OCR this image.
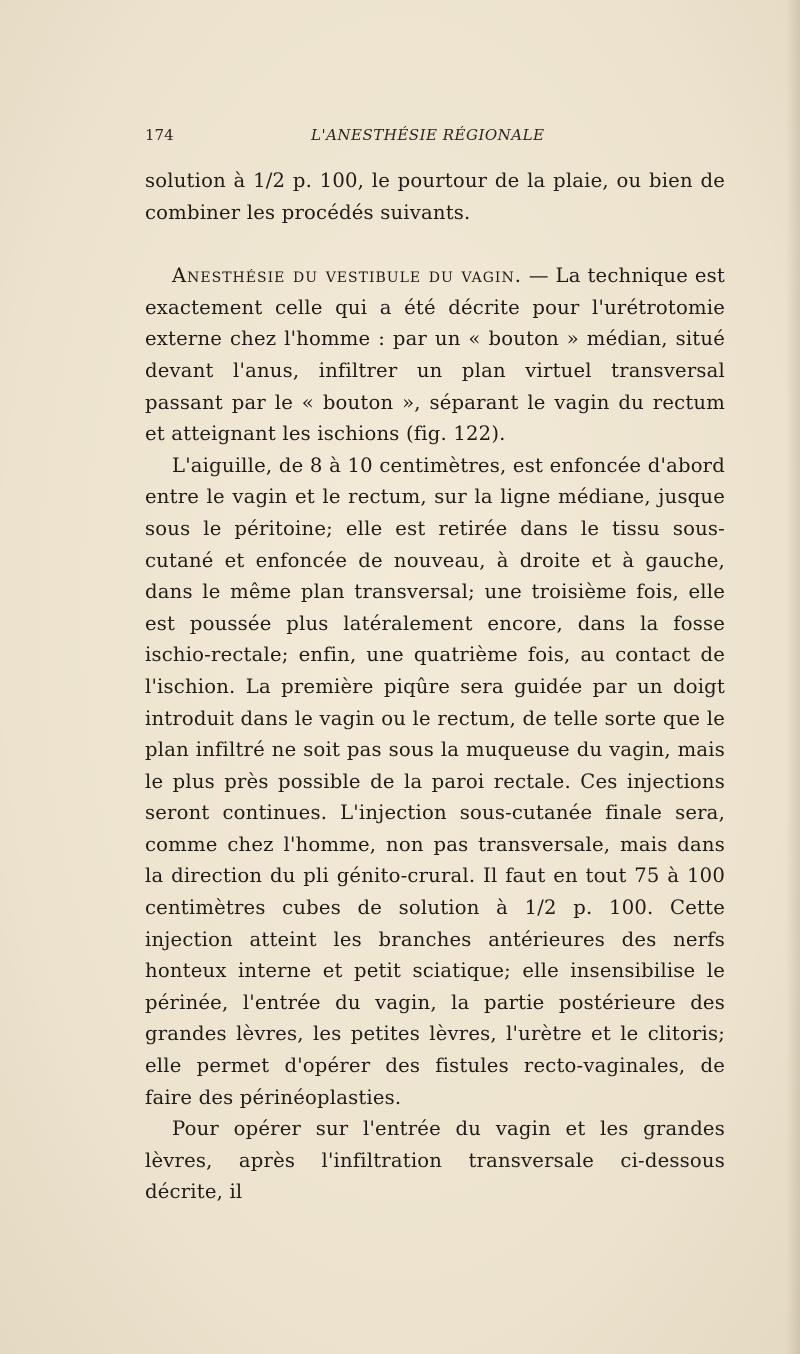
174	L'ANESTHÉSIE RÉGIONALE

solution à 1/2 p. 100, le pourtour de la plaie, ou bien de combiner les procédés suivants.

Anesthésie du vestibule du vagin. — La technique est exactement celle qui a été décrite pour l'urétrotomie externe chez l'homme : par un « bouton » médian, situé devant l'anus, infiltrer un plan virtuel transversal passant par le « bouton », séparant le vagin du rectum et atteignant les ischions (fig. 122).

L'aiguille, de 8 à 10 centimètres, est enfoncée d'abord entre le vagin et le rectum, sur la ligne médiane, jusque sous le péritoine; elle est retirée dans le tissu sous-cutané et enfoncée de nouveau, à droite et à gauche, dans le même plan transversal; une troisième fois, elle est poussée plus latéralement encore, dans la fosse ischio-rectale; enfin, une quatrième fois, au contact de l'ischion. La première piqûre sera guidée par un doigt introduit dans le vagin ou le rectum, de telle sorte que le plan infiltré ne soit pas sous la muqueuse du vagin, mais le plus près possible de la paroi rectale. Ces injections seront continues. L'injection sous-cutanée finale sera, comme chez l'homme, non pas transversale, mais dans la direction du pli génito-crural. Il faut en tout 75 à 100 centimètres cubes de solution à 1/2 p. 100. Cette injection atteint les branches antérieures des nerfs honteux interne et petit sciatique; elle insensibilise le périnée, l'entrée du vagin, la partie postérieure des grandes lèvres, les petites lèvres, l'urètre et le clitoris; elle permet d'opérer des fistules recto-vaginales, de faire des périnéoplasties.

Pour opérer sur l'entrée du vagin et les grandes lèvres, après l'infiltration transversale ci-dessous décrite, il
